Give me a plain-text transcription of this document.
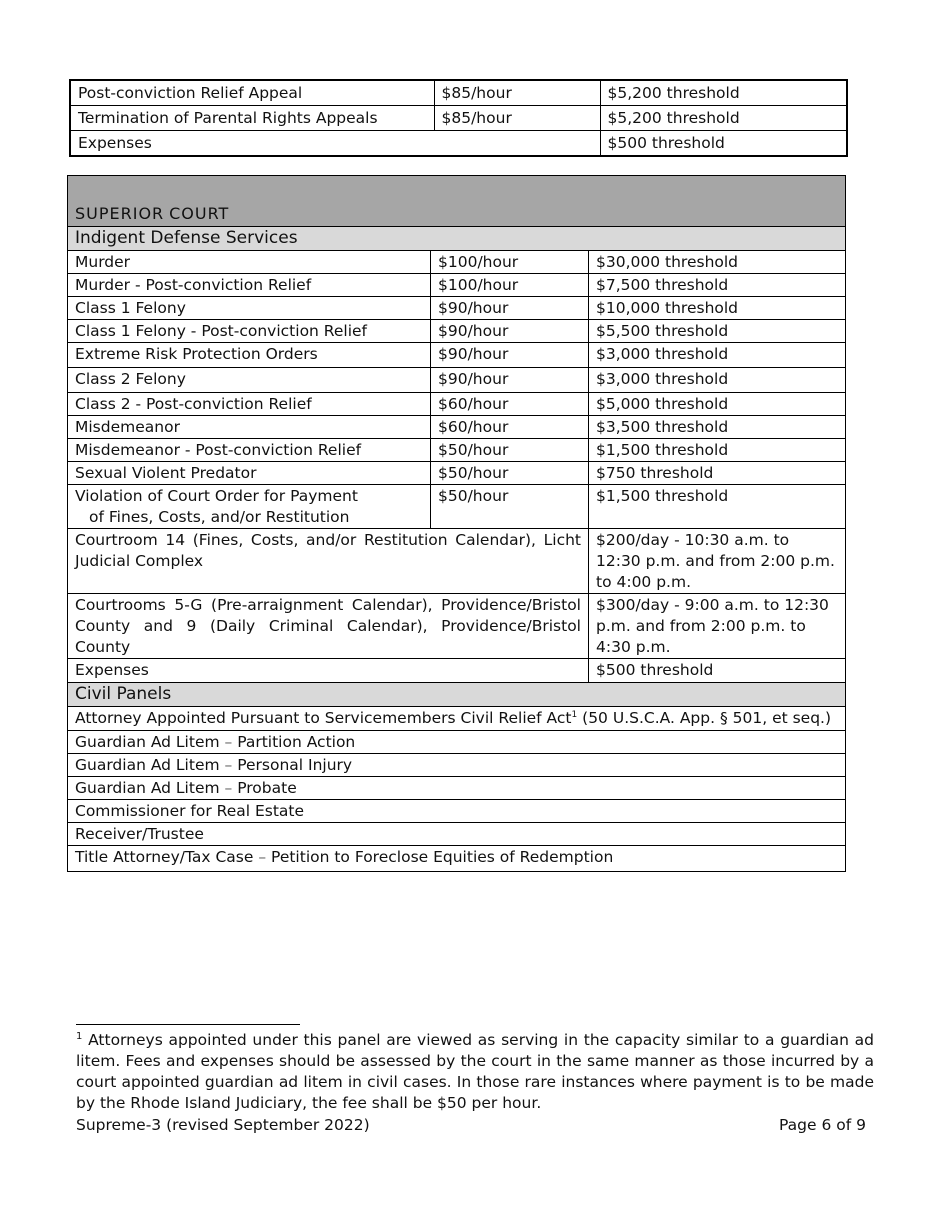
Post-conviction Relief Appeal	$85/hour	$5,200 threshold
Termination of Parental Rights Appeals	$85/hour	$5,200 threshold
Expenses		$500 threshold
SUPERIOR COURT		
Indigent Defense Services		
Murder	$100/hour	$30,000 threshold
Murder - Post-conviction Relief	$100/hour	$7,500 threshold
Class 1 Felony	$90/hour	$10,000 threshold
Class 1 Felony - Post-conviction Relief	$90/hour	$5,500 threshold
Extreme Risk Protection Orders	$90/hour	$3,000 threshold
Class 2 Felony	$90/hour	$3,000 threshold
Class 2 - Post-conviction Relief	$60/hour	$5,000 threshold
Misdemeanor	$60/hour	$3,500 threshold
Misdemeanor - Post-conviction Relief	$50/hour	$1,500 threshold
Sexual Violent Predator	$50/hour	$750 threshold

Violation of Court Order for Payment
of Fines, Costs, and/or Restitution	$50/hour	$1,500 threshold
Courtroom 14 (Fines, Costs, and/or Restitution Calendar), Licht Judicial Complex		$200/day - 10:30 a.m. to 12:30 p.m. and from 2:00 p.m. to 4:00 p.m.
Courtrooms 5-G (Pre-arraignment Calendar), Providence/Bristol County and 9 (Daily Criminal Calendar), Providence/Bristol County		$300/day - 9:00 a.m. to 12:30 p.m. and from 2:00 p.m. to 4:30 p.m.
Expenses		$500 threshold
Civil Panels		
Attorney Appointed Pursuant to Servicemembers Civil Relief Act$^1$ (50 U.S.C.A. App. § 501, et seq.)		
Guardian Ad Litem – Partition Action		
Guardian Ad Litem – Personal Injury		
Guardian Ad Litem – Probate		
Commissioner for Real Estate		
Receiver/Trustee		
Title Attorney/Tax Case – Petition to Foreclose Equities of Redemption		
$^1$ Attorneys appointed under this panel are viewed as serving in the capacity similar to a guardian ad litem. Fees and expenses should be assessed by the court in the same manner as those incurred by a court appointed guardian ad litem in civil cases. In those rare instances where payment is to be made by the Rhode Island Judiciary, the fee shall be $50 per hour.
Supreme-3 (revised September 2022)	Page 6 of 9
